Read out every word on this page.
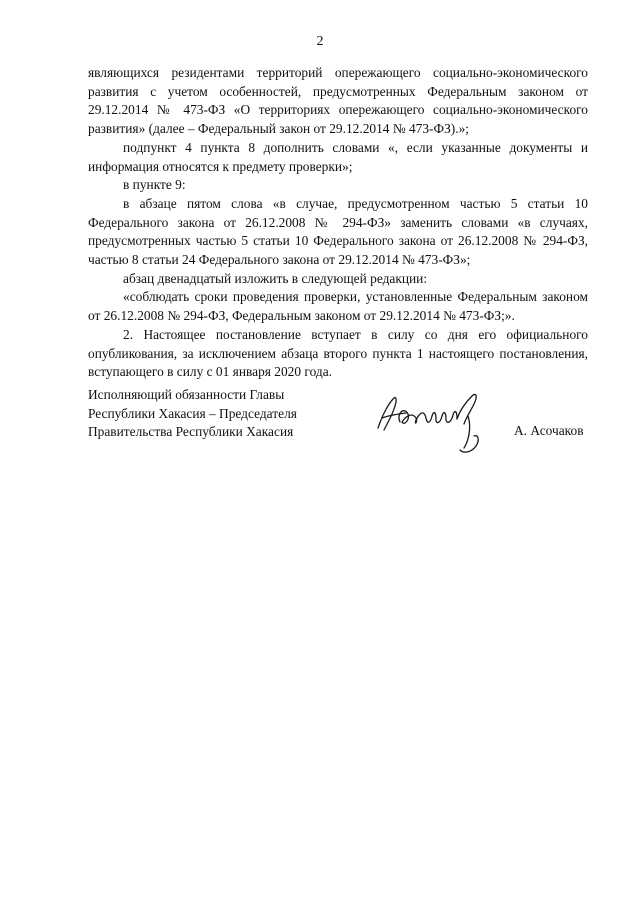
2

являющихся резидентами территорий опережающего социально-экономического развития с учетом особенностей, предусмотренных Федеральным законом от 29.12.2014 № 473-ФЗ «О территориях опережающего социально-экономического развития» (далее – Федеральный закон от 29.12.2014 № 473-ФЗ).»;

подпункт 4 пункта 8 дополнить словами «, если указанные документы и информация относятся к предмету проверки»;

в пункте 9:

в абзаце пятом слова «в случае, предусмотренном частью 5 статьи 10 Федерального закона от 26.12.2008 № 294-ФЗ» заменить словами «в случаях, предусмотренных частью 5 статьи 10 Федерального закона от 26.12.2008 № 294-ФЗ, частью 8 статьи 24 Федерального закона от 29.12.2014 № 473-ФЗ»;

абзац двенадцатый изложить в следующей редакции:

«соблюдать сроки проведения проверки, установленные Федеральным законом от 26.12.2008 № 294-ФЗ, Федеральным законом от 29.12.2014 № 473-ФЗ;».

2. Настоящее постановление вступает в силу со дня его официального опубликования, за исключением абзаца второго пункта 1 настоящего постановления, вступающего в силу с 01 января 2020 года.

Исполняющий обязанности Главы
Республики Хакасия – Председателя
Правительства Республики Хакасия	А. Асочаков
